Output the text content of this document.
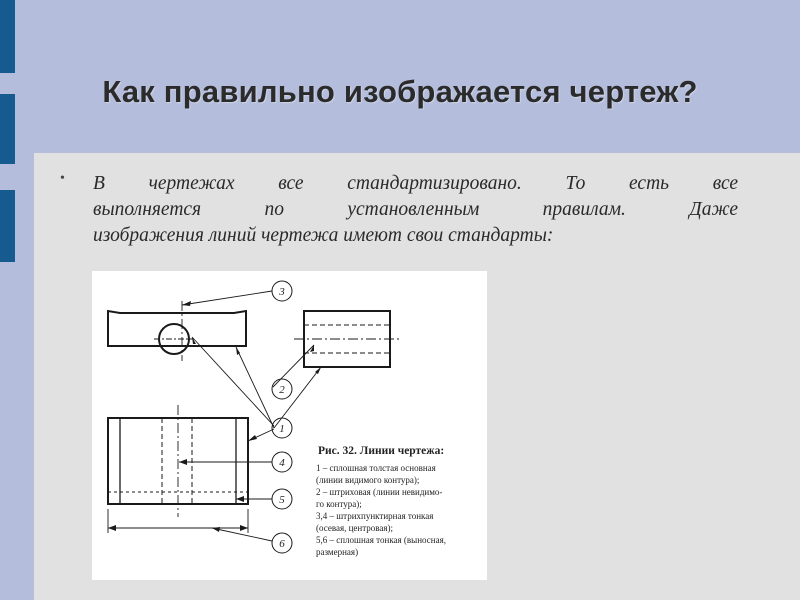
Как правильно изображается чертеж?
• В чертежах все стандартизировано. То есть все
выполняется по установленным правилам. Даже
изображения линий чертежа имеют свои стандарты:
3
2
1
4
5
6
Рис. 32. Линии чертежа:
1 – сплошная толстая основная
(линии видимого контура);
2 – штриховая (линии невидимо-
го контура);
3,4 – штрихпунктирная тонкая
(осевая, центровая);
5,6 – сплошная тонкая (выносная,
размерная)
